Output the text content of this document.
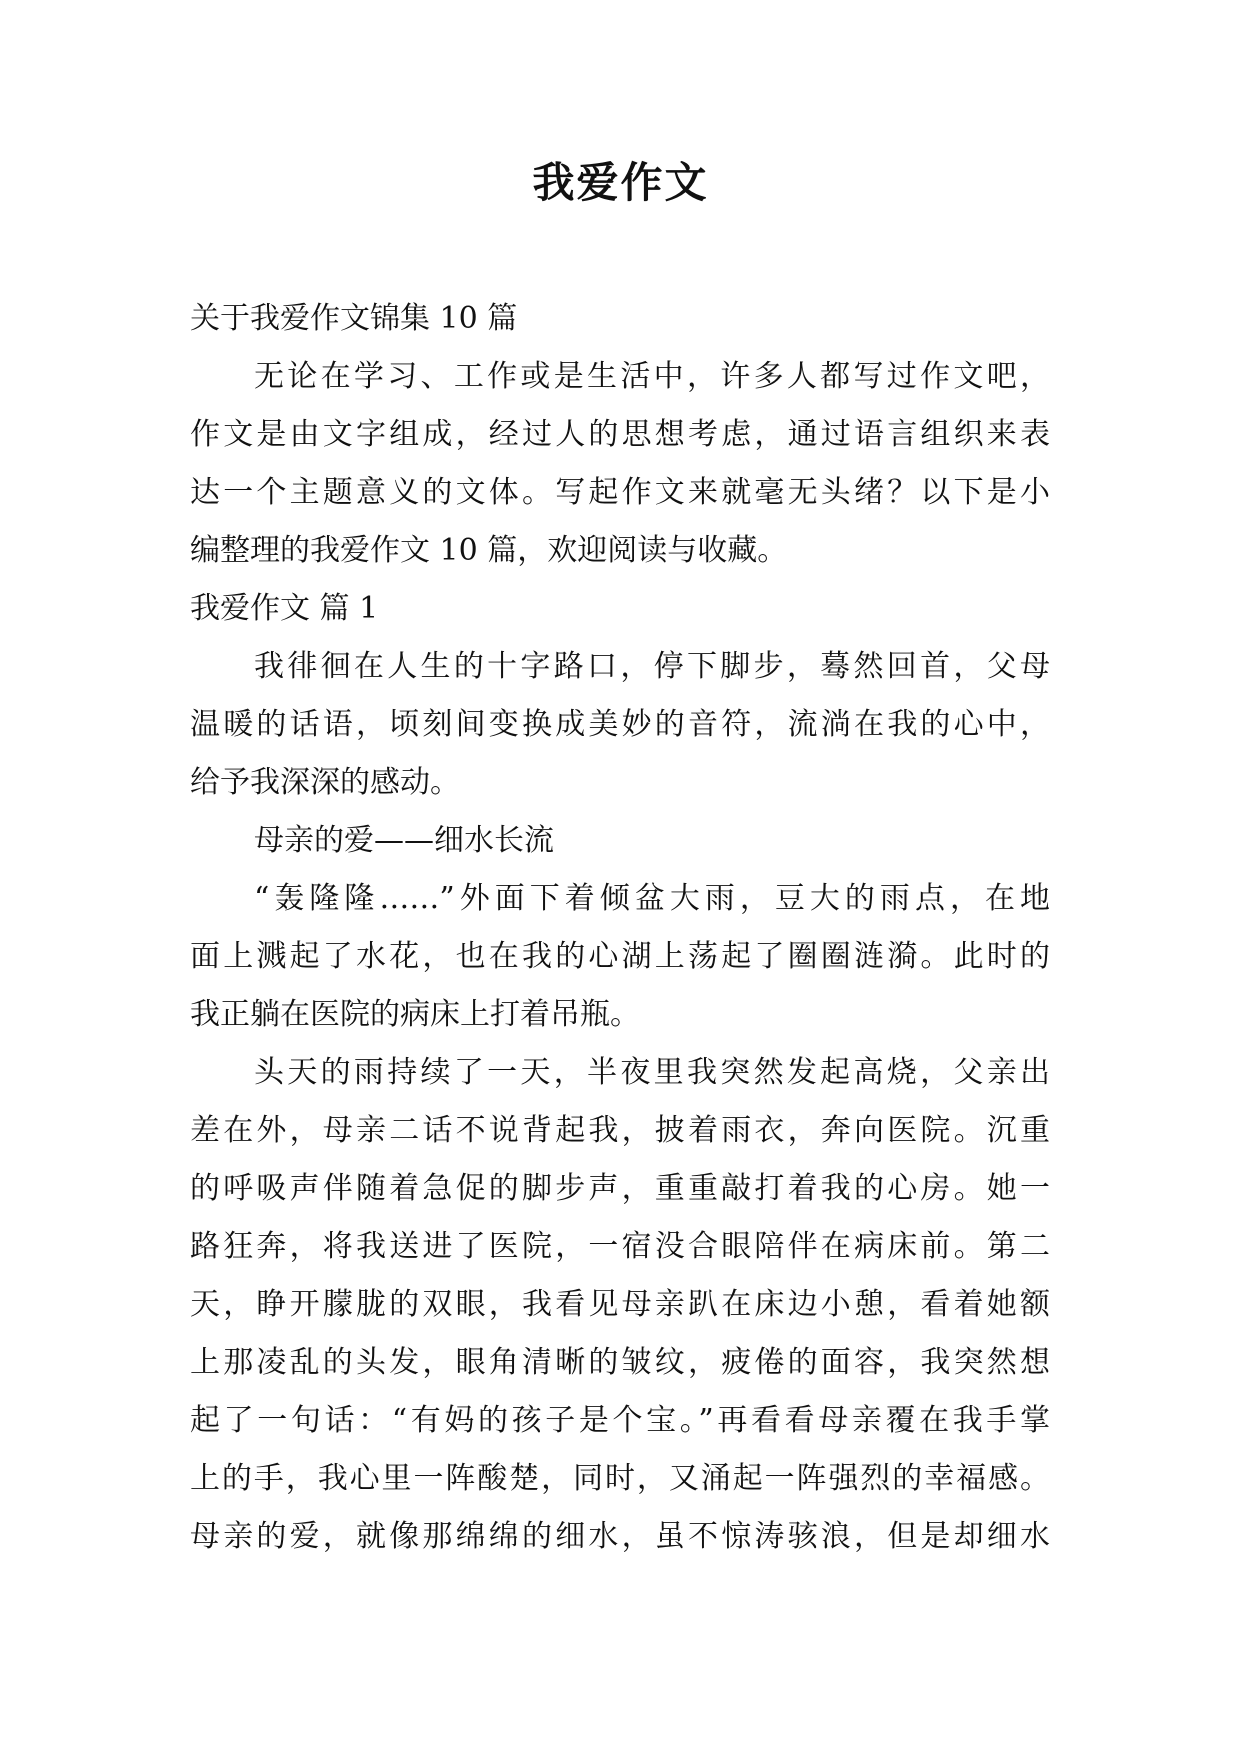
我爱作文
关于我爱作文锦集 10 篇
无论在学习、工作或是生活中，许多人都写过作文吧，
作文是由文字组成，经过人的思想考虑，通过语言组织来表
达一个主题意义的文体。写起作文来就毫无头绪？以下是小
编整理的我爱作文 10 篇，欢迎阅读与收藏。
我爱作文 篇 1
我徘徊在人生的十字路口，停下脚步，蓦然回首，父母
温暖的话语，顷刻间变换成美妙的音符，流淌在我的心中，
给予我深深的感动。
母亲的爱——细水长流
“轰隆隆……”外面下着倾盆大雨，豆大的雨点，在地
面上溅起了水花，也在我的心湖上荡起了圈圈涟漪。此时的
我正躺在医院的病床上打着吊瓶。
头天的雨持续了一天，半夜里我突然发起高烧，父亲出
差在外，母亲二话不说背起我，披着雨衣，奔向医院。沉重
的呼吸声伴随着急促的脚步声，重重敲打着我的心房。她一
路狂奔，将我送进了医院，一宿没合眼陪伴在病床前。第二
天，睁开朦胧的双眼，我看见母亲趴在床边小憩，看着她额
上那凌乱的头发，眼角清晰的皱纹，疲倦的面容，我突然想
起了一句话：“有妈的孩子是个宝。”再看看母亲覆在我手掌
上的手，我心里一阵酸楚，同时，又涌起一阵强烈的幸福感。
母亲的爱，就像那绵绵的细水，虽不惊涛骇浪，但是却细水
